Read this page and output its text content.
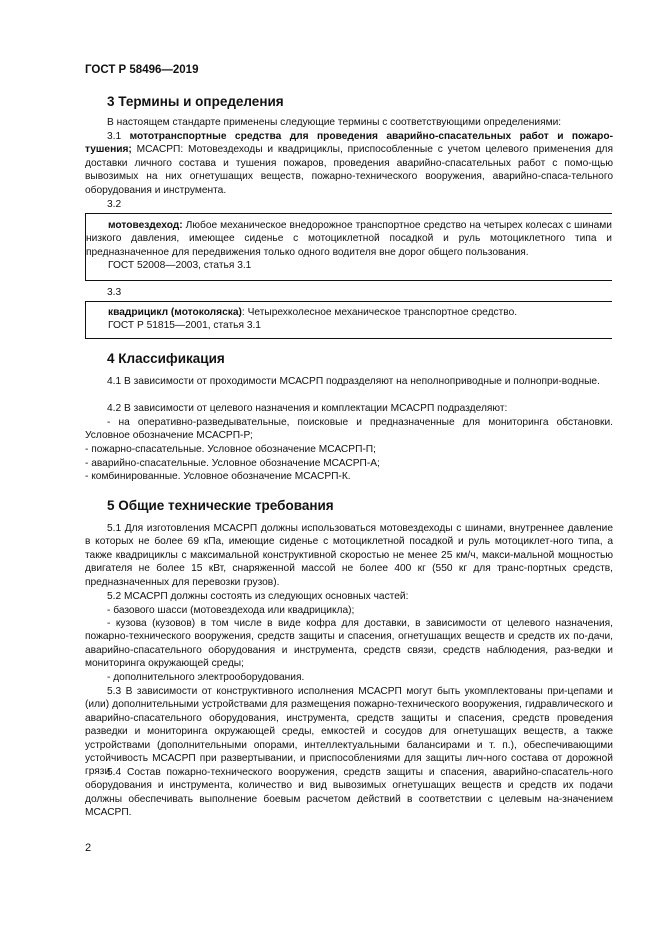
ГОСТ Р 58496—2019
3 Термины и определения

В настоящем стандарте применены следующие термины с соответствующими определениями:

3.1 мототранспортные средства для проведения аварийно-спасательных работ и пожаро-тушения; МСАСРП: Мотовездеходы и квадрициклы, приспособленные с учетом целевого применения для доставки личного состава и тушения пожаров, проведения аварийно-спасательных работ с помо-щью вывозимых на них огнетушащих веществ, пожарно-технического вооружения, аварийно-спаса-тельного оборудования и инструмента.

3.2

мотовездеход: Любое механическое внедорожное транспортное средство на четырех колесах с шинами низкого давления, имеющее сиденье с мотоциклетной посадкой и руль мотоциклетного типа и предназначенное для передвижения только одного водителя вне дорог общего пользования.

ГОСТ 52008—2003, статья 3.1

3.3

квадрицикл (мотоколяска): Четырехколесное механическое транспортное средство.

ГОСТ Р 51815—2001, статья 3.1

4 Классификация

4.1 В зависимости от проходимости МСАСРП подразделяют на неполноприводные и полнопри-водные.

4.2 В зависимости от целевого назначения и комплектации МСАСРП подразделяют:

- на оперативно-разведывательные, поисковые и предназначенные для мониторинга обстановки. Условное обозначение МСАСРП-Р;

- пожарно-спасательные. Условное обозначение МСАСРП-П;

- аварийно-спасательные. Условное обозначение МСАСРП-А;

- комбинированные. Условное обозначение МСАСРП-К.

5 Общие технические требования

5.1 Для изготовления МСАСРП должны использоваться мотовездеходы с шинами, внутреннее давление в которых не более 69 кПа, имеющие сиденье с мотоциклетной посадкой и руль мотоциклет-ного типа, а также квадрициклы с максимальной конструктивной скоростью не менее 25 км/ч, макси-мальной мощностью двигателя не более 15 кВт, снаряженной массой не более 400 кг (550 кг для транс-портных средств, предназначенных для перевозки грузов).

5.2 МСАСРП должны состоять из следующих основных частей:

- базового шасси (мотовездехода или квадрицикла);

- кузова (кузовов) в том числе в виде кофра для доставки, в зависимости от целевого назначения, пожарно-технического вооружения, средств защиты и спасения, огнетушащих веществ и средств их по-дачи, аварийно-спасательного оборудования и инструмента, средств связи, средств наблюдения, раз-ведки и мониторинга окружающей среды;

- дополнительного электрооборудования.

5.3 В зависимости от конструктивного исполнения МСАСРП могут быть укомплектованы при-цепами и (или) дополнительными устройствами для размещения пожарно-технического вооружения, гидравлического и аварийно-спасательного оборудования, инструмента, средств защиты и спасения, средств проведения разведки и мониторинга окружающей среды, емкостей и сосудов для огнетушащих веществ, а также устройствами (дополнительными опорами, интеллектуальными балансирами и т. п.), обеспечивающими устойчивость МСАСРП при развертывании, и приспособлениями для защиты лич-ного состава от дорожной грязи.

5.4 Состав пожарно-технического вооружения, средств защиты и спасения, аварийно-спасатель-ного оборудования и инструмента, количество и вид вывозимых огнетушащих веществ и средств их подачи должны обеспечивать выполнение боевым расчетом действий в соответствии с целевым на-значением МСАСРП.

2
